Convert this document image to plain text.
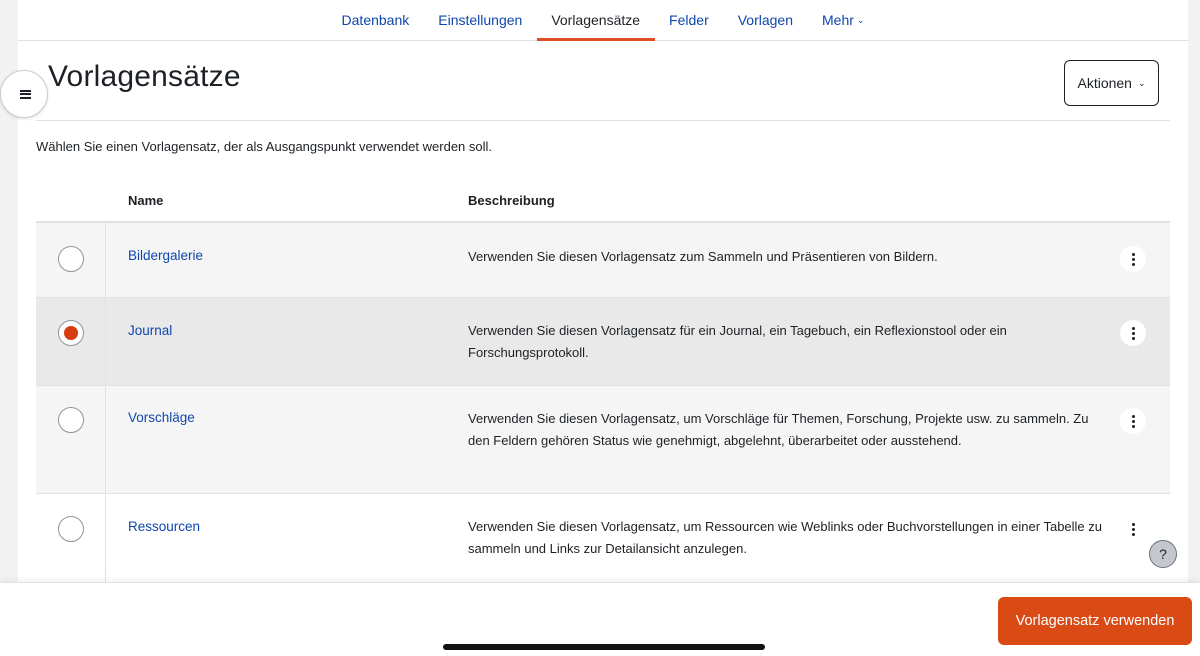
Datenbank Einstellungen Vorlagensätze Felder Vorlagen Mehr ⌄
Vorlagensätze	Aktionen ⌄

Wählen Sie einen Vorlagensatz, der als Ausgangspunkt verwendet werden soll.

Name	Beschreibung
Bildergalerie	Verwenden Sie diesen Vorlagensatz zum Sammeln und Präsentieren von Bildern.
Journal	Verwenden Sie diesen Vorlagensatz für ein Journal, ein Tagebuch, ein Reflexionstool oder ein Forschungsprotokoll.
Vorschläge	Verwenden Sie diesen Vorlagensatz, um Vorschläge für Themen, Forschung, Projekte usw. zu sammeln. Zu den Feldern gehören Status wie genehmigt, abgelehnt, überarbeitet oder ausstehend.
Ressourcen	Verwenden Sie diesen Vorlagensatz, um Ressourcen wie Weblinks oder Buchvorstellungen in einer Tabelle zu sammeln und Links zur Detailansicht anzulegen.	?
Vorlagensatz verwenden
